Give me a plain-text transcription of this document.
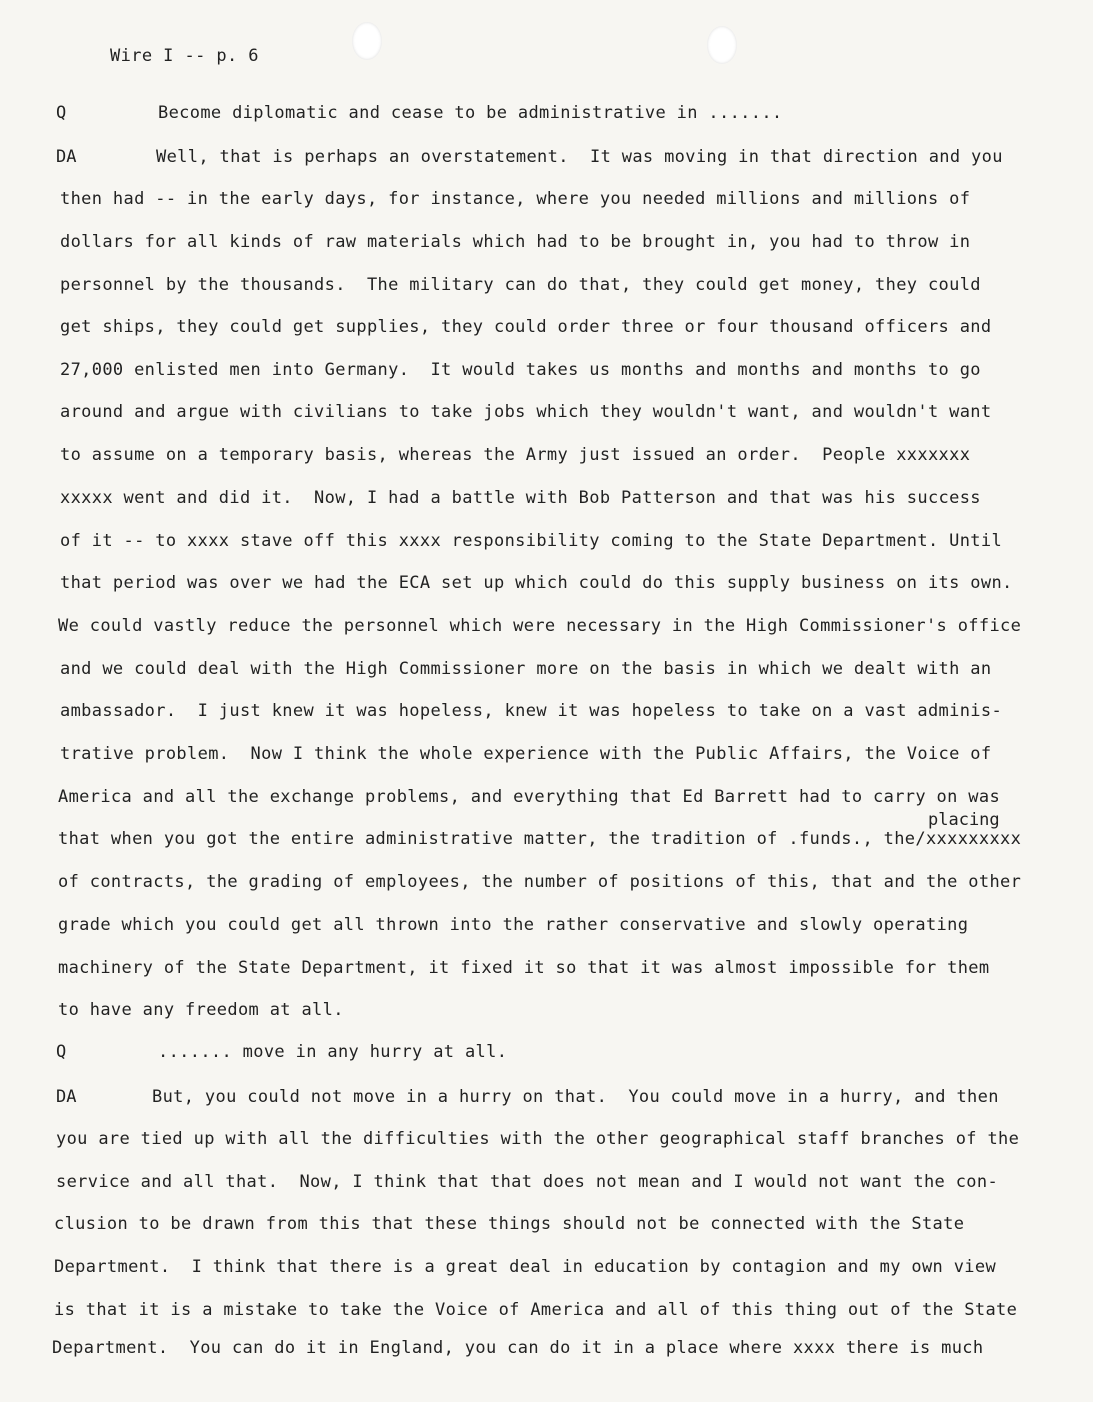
Wire I -- p. 6
Q
DA
Q
DA
Become diplomatic and cease to be administrative in .......
Well, that is perhaps an overstatement.  It was moving in that direction and you
then had -- in the early days, for instance, where you needed millions and millions of
dollars for all kinds of raw materials which had to be brought in, you had to throw in
personnel by the thousands.  The military can do that, they could get money, they could
get ships, they could get supplies, they could order three or four thousand officers and
27,000 enlisted men into Germany.  It would takes us months and months and months to go
around and argue with civilians to take jobs which they wouldn't want, and wouldn't want
to assume on a temporary basis, whereas the Army just issued an order.  People xxxxxxx
xxxxx went and did it.  Now, I had a battle with Bob Patterson and that was his success
of it -- to xxxx stave off this xxxx responsibility coming to the State Department. Until
that period was over we had the ECA set up which could do this supply business on its own.
We could vastly reduce the personnel which were necessary in the High Commissioner's office
and we could deal with the High Commissioner more on the basis in which we dealt with an
ambassador.  I just knew it was hopeless, knew it was hopeless to take on a vast adminis-
trative problem.  Now I think the whole experience with the Public Affairs, the Voice of
America and all the exchange problems, and everything that Ed Barrett had to carry on was
placing
that when you got the entire administrative matter, the tradition of .funds., the/xxxxxxxxx
of contracts, the grading of employees, the number of positions of this, that and the other
grade which you could get all thrown into the rather conservative and slowly operating
machinery of the State Department, it fixed it so that it was almost impossible for them
to have any freedom at all.
....... move in any hurry at all.
But, you could not move in a hurry on that.  You could move in a hurry, and then
you are tied up with all the difficulties with the other geographical staff branches of the
service and all that.  Now, I think that that does not mean and I would not want the con-
clusion to be drawn from this that these things should not be connected with the State
Department.  I think that there is a great deal in education by contagion and my own view
is that it is a mistake to take the Voice of America and all of this thing out of the State
Department.  You can do it in England, you can do it in a place where xxxx there is much
